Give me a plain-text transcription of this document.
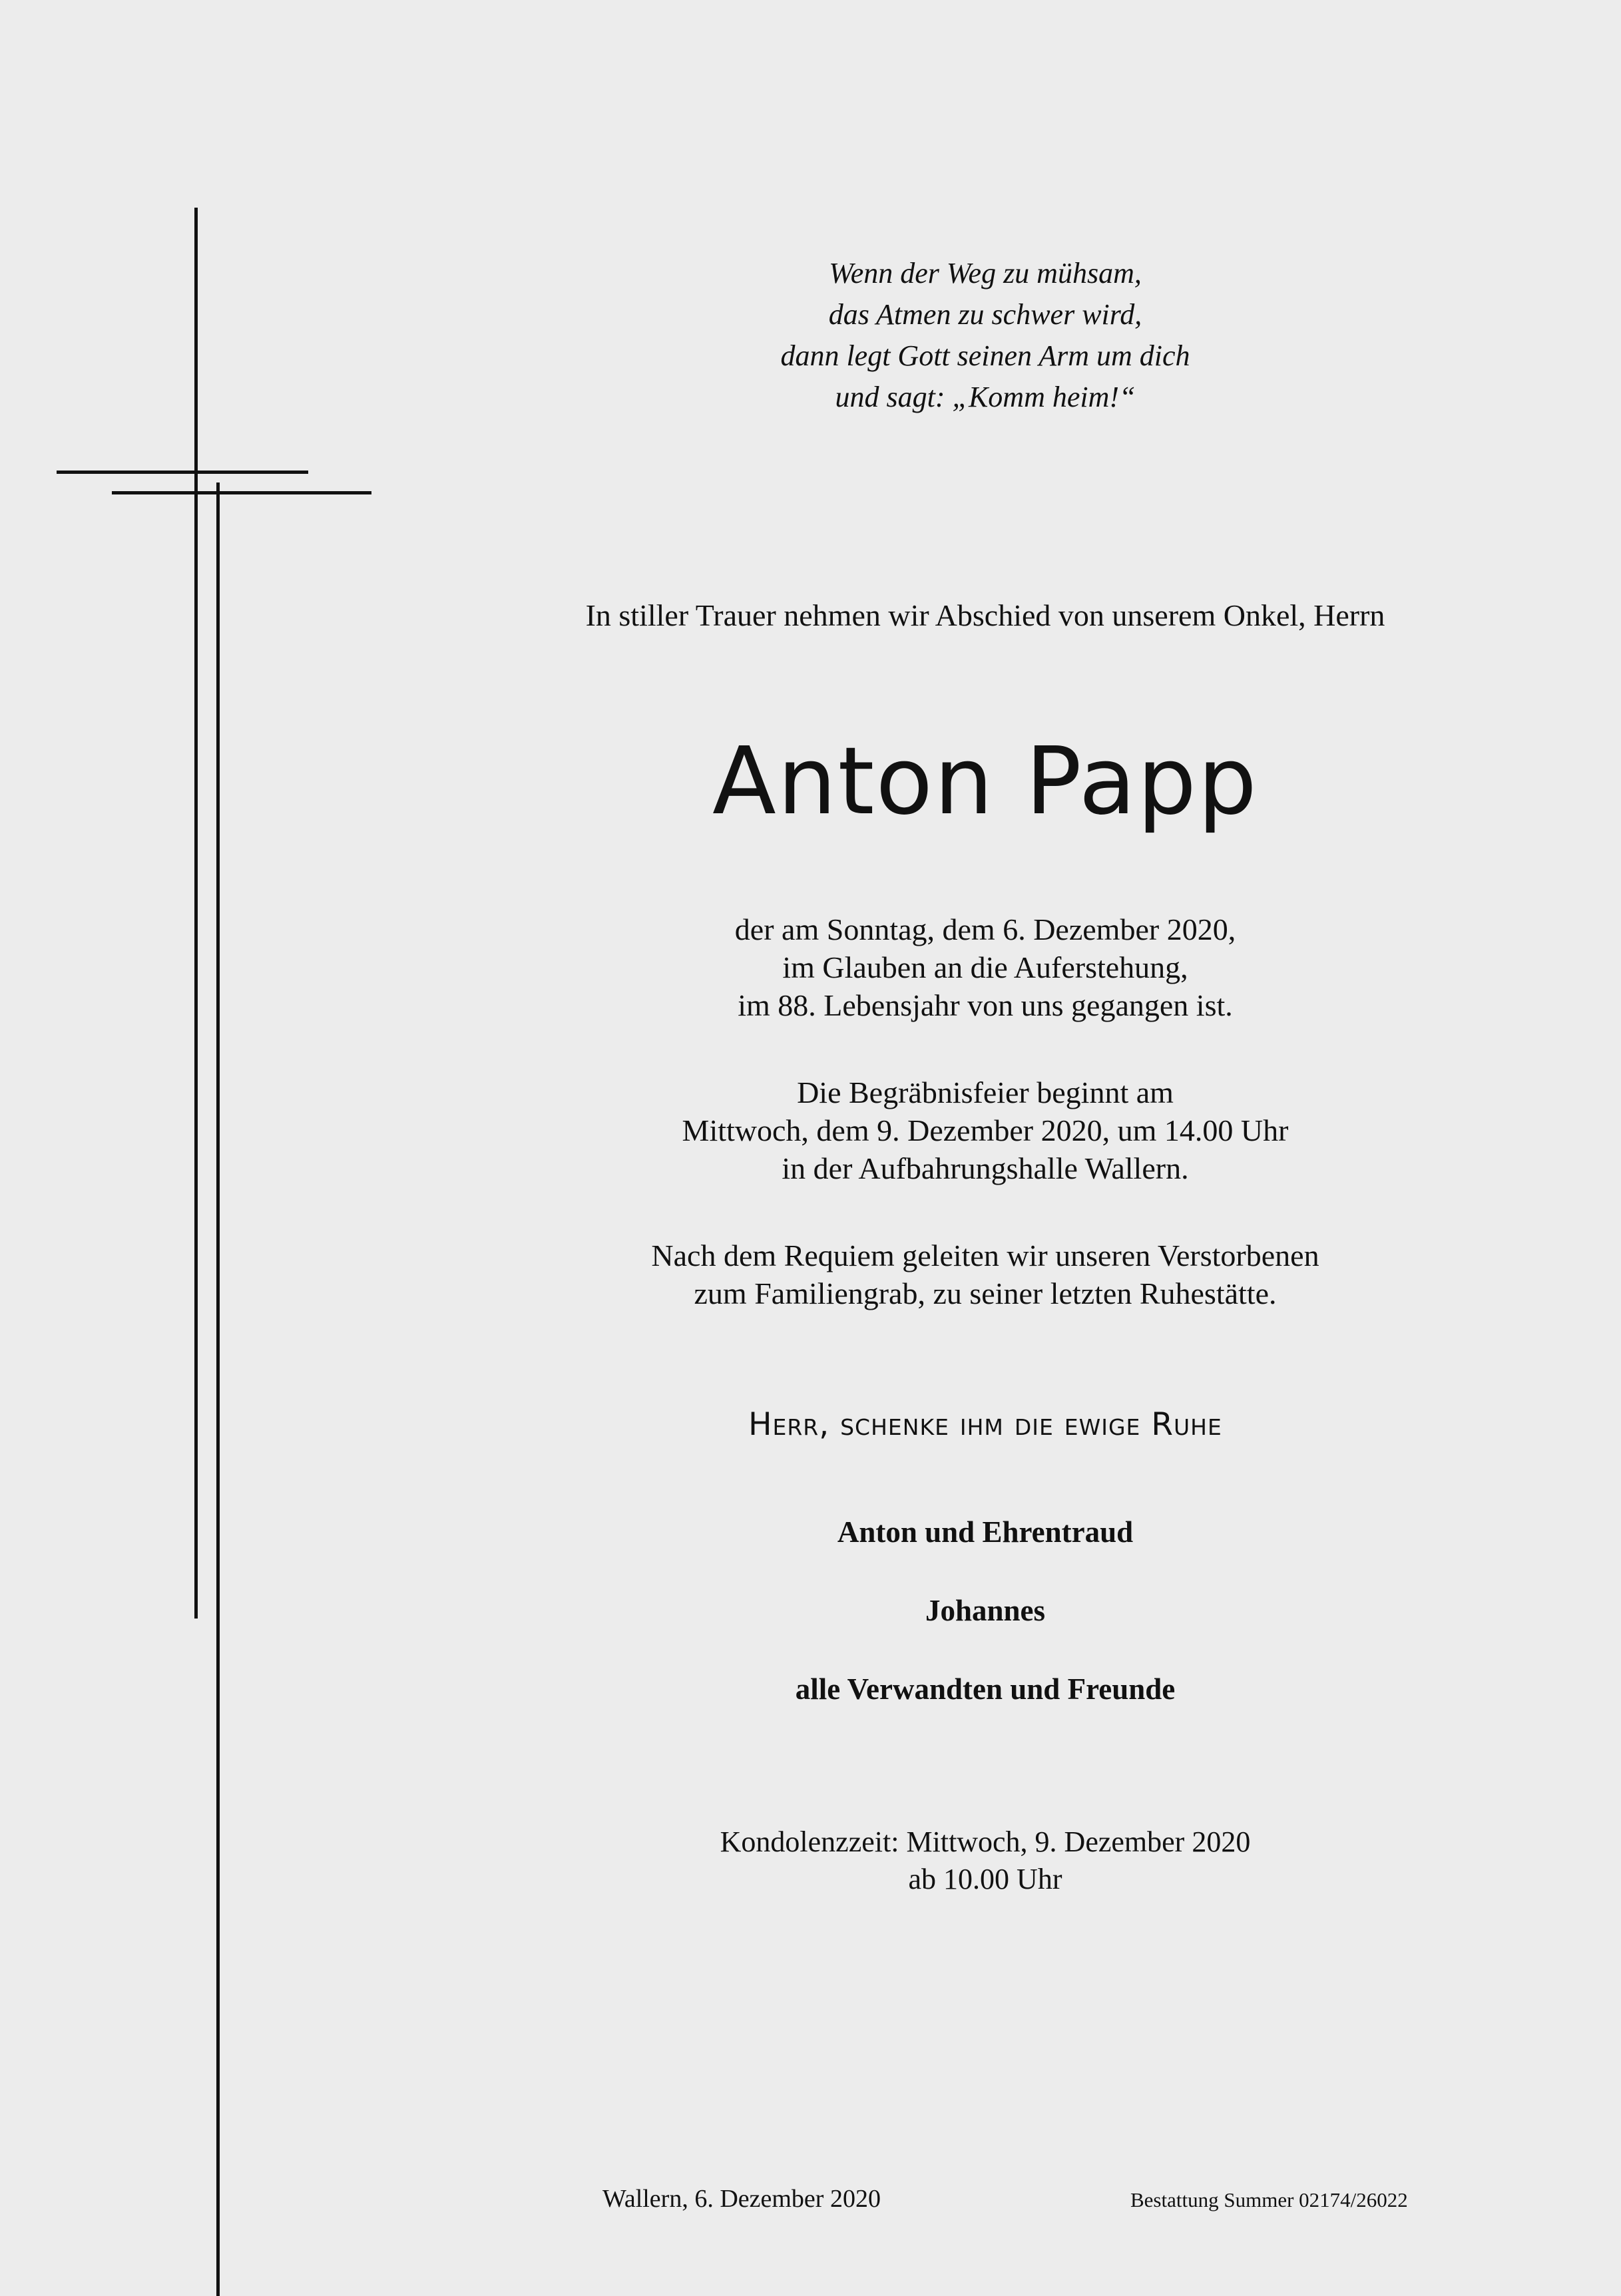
Wenn der Weg zu mühsam,
das Atmen zu schwer wird,
dann legt Gott seinen Arm um dich
und sagt: „Komm heim!“
In stiller Trauer nehmen wir Abschied von unserem Onkel, Herrn
Anton Papp
der am Sonntag, dem 6. Dezember 2020,
im Glauben an die Auferstehung,
im 88. Lebensjahr von uns gegangen ist.
Die Begräbnisfeier beginnt am
Mittwoch, dem 9. Dezember 2020, um 14.00 Uhr
in der Aufbahrungshalle Wallern.
Nach dem Requiem geleiten wir unseren Verstorbenen
zum Familiengrab, zu seiner letzten Ruhestätte.
Herr, schenke ihm die ewige Ruhe
Anton und Ehrentraud
Johannes
alle Verwandten und Freunde
Kondolenzzeit: Mittwoch, 9. Dezember 2020
ab 10.00 Uhr
Wallern, 6. Dezember 2020	Bestattung Summer 02174/26022
